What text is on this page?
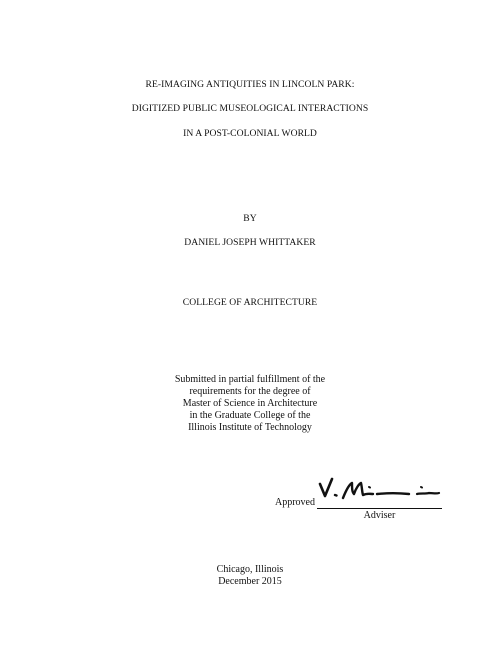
RE-IMAGING ANTIQUITIES IN LINCOLN PARK:
DIGITIZED PUBLIC MUSEOLOGICAL INTERACTIONS
IN A POST-COLONIAL WORLD
BY
DANIEL JOSEPH WHITTAKER
COLLEGE OF ARCHITECTURE
Submitted in partial fulfillment of the
requirements for the degree of
Master of Science in Architecture
in the Graduate College of the
Illinois Institute of Technology
Approved
Adviser
Chicago, Illinois
December 2015
